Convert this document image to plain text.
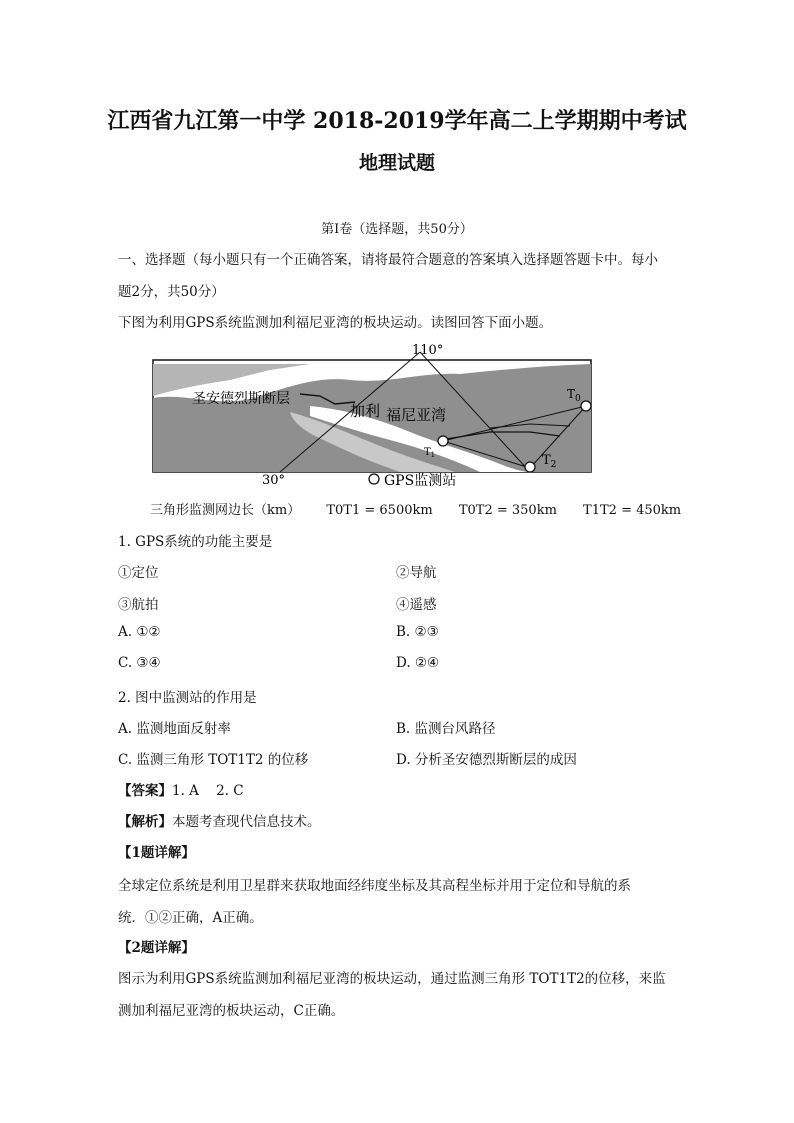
江西省九江第一中学 2018-2019学年高二上学期期中考试
地理试题
第Ⅰ卷（选择题，共50分）
一、选择题（每小题只有一个正确答案，请将最符合题意的答案填入选择题答题卡中。每小
题2分，共50分）
下图为利用GPS系统监测加利福尼亚湾的板块运动。读图回答下面小题。
110°
30°
圣安德烈斯断层
加利 福尼亚湾
$T_0$
$T_1$	$T_2$
GPS监测站
三角形监测网边长（km） T0T1 = 6500km T0T2 = 350km T1T2 = 450km
1. GPS系统的功能主要是
①定位	②导航
③航拍	④遥感
A. ①②	B. ②③
C. ③④	D. ②④
2. 图中监测站的作用是
A. 监测地面反射率	B. 监测台风路径
C. 监测三角形 TOT1T2 的位移	D. 分析圣安德烈斯断层的成因
【答案】1. A    2. C
【解析】本题考查现代信息技术。
【1题详解】
全球定位系统是利用卫星群来获取地面经纬度坐标及其高程坐标并用于定位和导航的系
统．①②正确，A正确。
【2题详解】
图示为利用GPS系统监测加利福尼亚湾的板块运动，通过监测三角形 TOT1T2的位移，来监
测加利福尼亚湾的板块运动，C正确。
